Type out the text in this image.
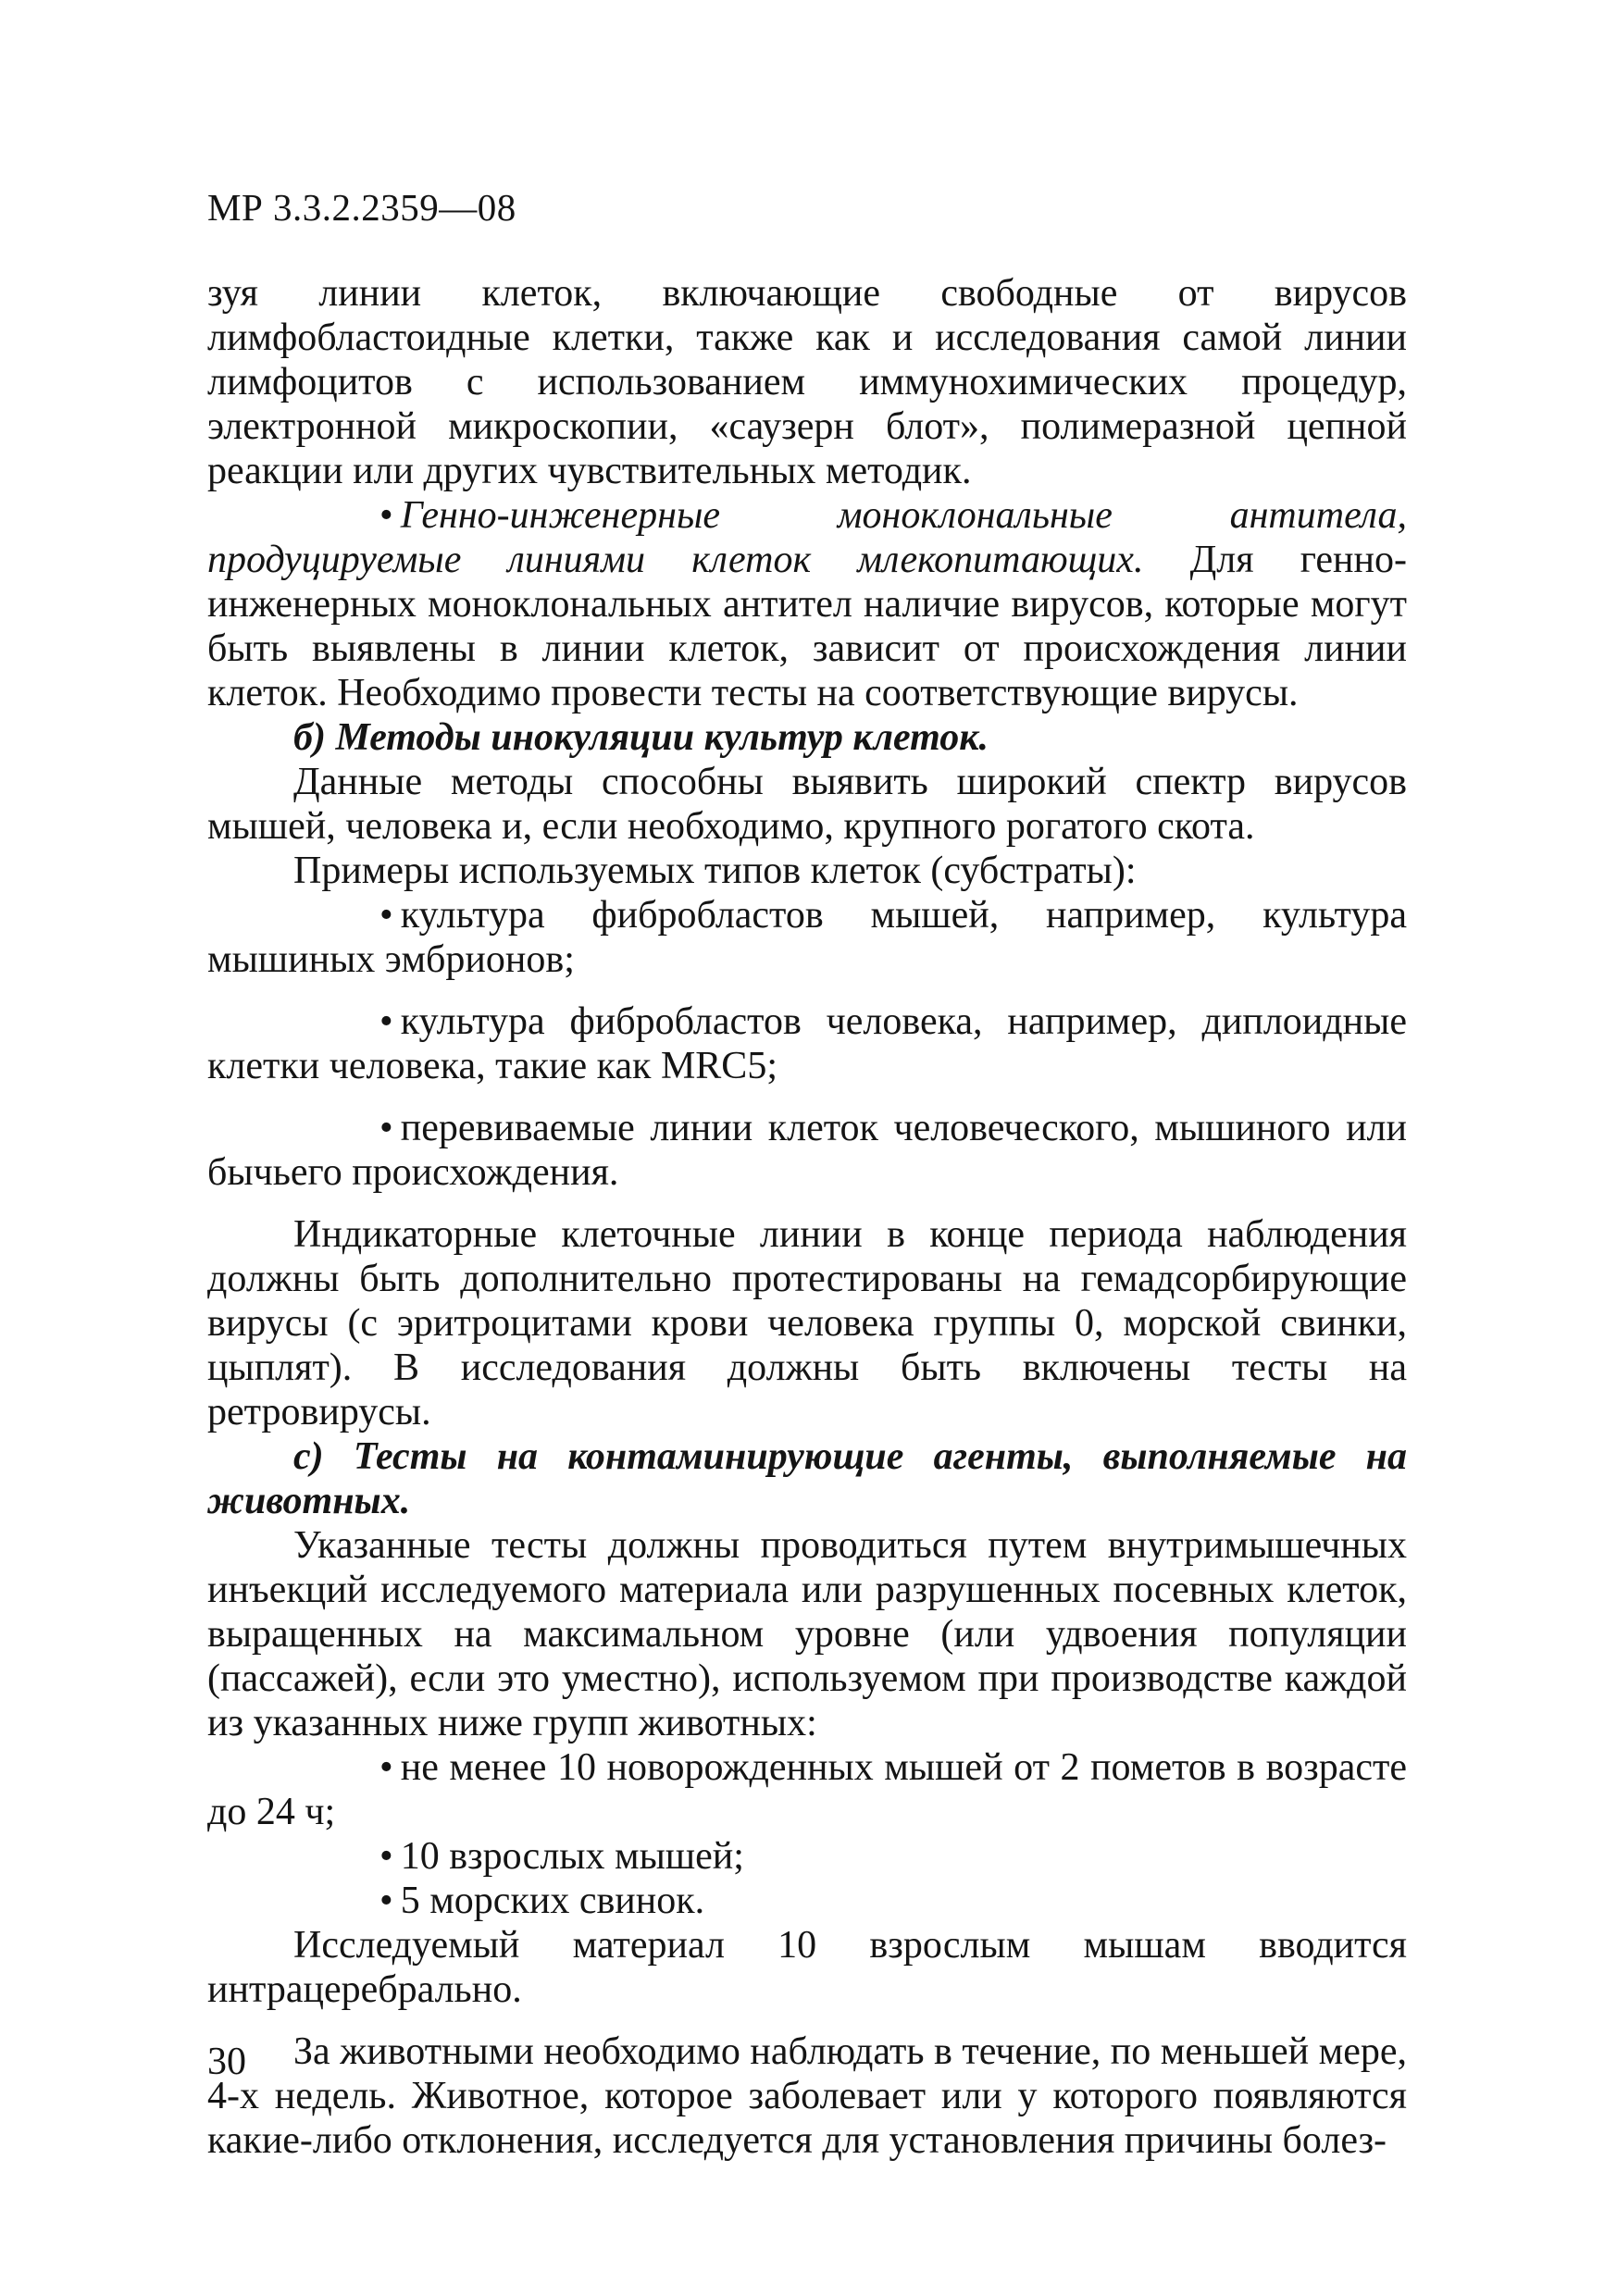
МР 3.3.2.2359—08

зуя линии клеток, включающие свободные от вирусов лимфобластоидные клетки, также как и исследования самой линии лимфоцитов с использованием иммунохимических процедур, электронной микроскопии, «саузерн блот», полимеразной цепной реакции или других чувствительных методик.

• Генно-инженерные моноклональные антитела, продуцируемые линиями клеток млекопитающих. Для генно-инженерных моноклональных антител наличие вирусов, которые могут быть выявлены в линии клеток, зависит от происхождения линии клеток. Необходимо провести тесты на соответствующие вирусы.

б) Методы инокуляции культур клеток.

Данные методы способны выявить широкий спектр вирусов мышей, человека и, если необходимо, крупного рогатого скота.

Примеры используемых типов клеток (субстраты):

• культура фибробластов мышей, например, культура мышиных эмбрионов;

• культура фибробластов человека, например, диплоидные клетки человека, такие как MRC5;

• перевиваемые линии клеток человеческого, мышиного или бычьего происхождения.

Индикаторные клеточные линии в конце периода наблюдения должны быть дополнительно протестированы на гемадсорбирующие вирусы (с эритроцитами крови человека группы 0, морской свинки, цыплят). В исследования должны быть включены тесты на ретровирусы.

с) Тесты на контаминирующие агенты, выполняемые на животных.

Указанные тесты должны проводиться путем внутримышечных инъекций исследуемого материала или разрушенных посевных клеток, выращенных на максимальном уровне (или удвоения популяции (пассажей), если это уместно), используемом при производстве каждой из указанных ниже групп животных:

• не менее 10 новорожденных мышей от 2 пометов в возрасте до 24 ч;

• 10 взрослых мышей;

• 5 морских свинок.

Исследуемый материал 10 взрослым мышам вводится интрацеребрально.

За животными необходимо наблюдать в течение, по меньшей мере, 4-х недель. Животное, которое заболевает или у которого появляются какие-либо отклонения, исследуется для установления причины болез-

30
